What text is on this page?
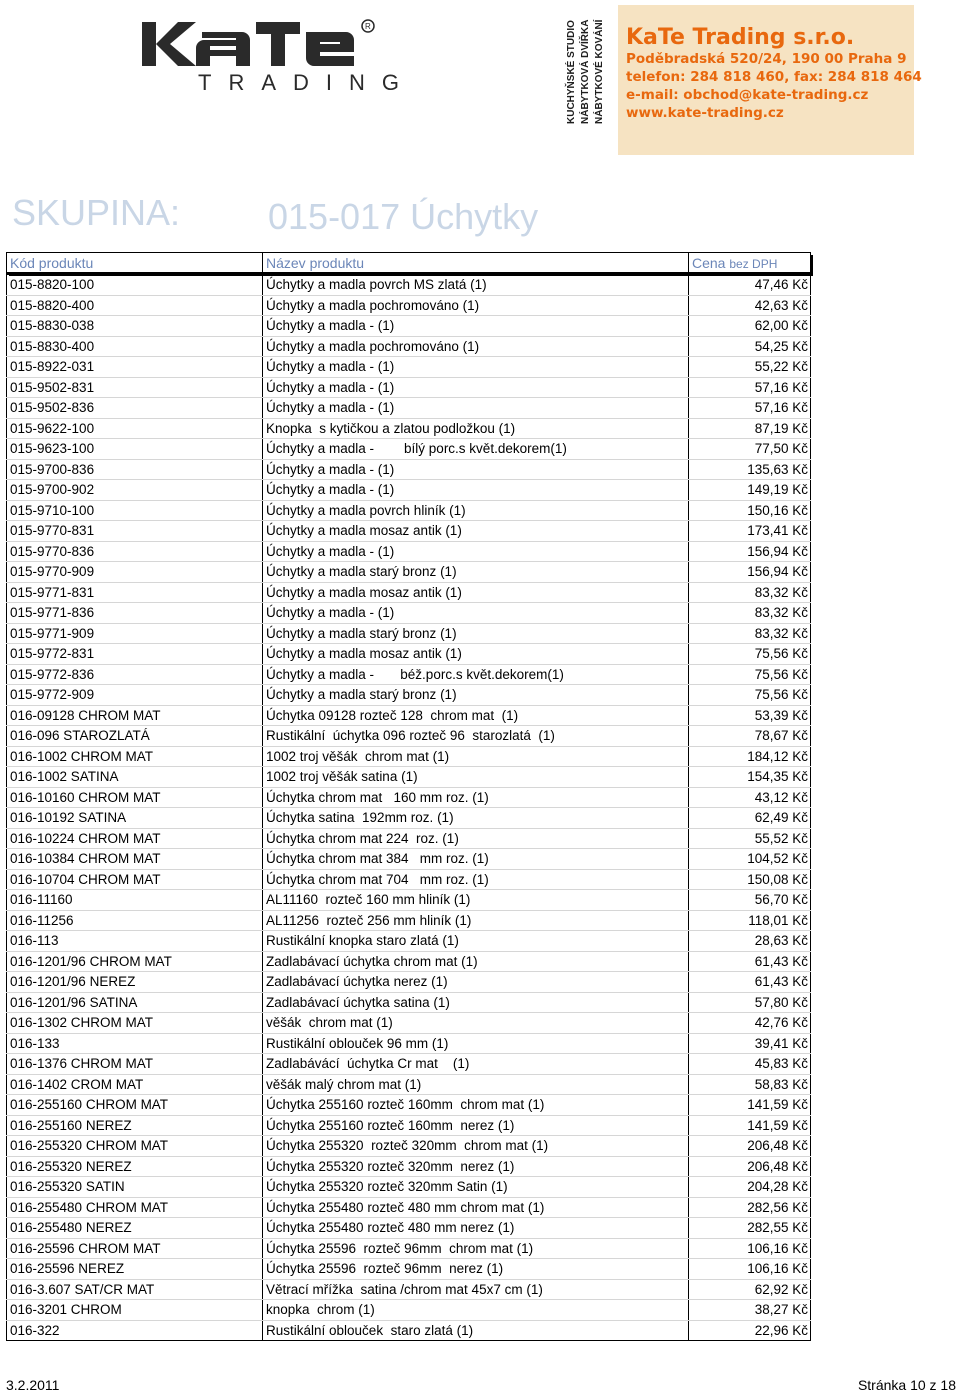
R
TRADING	KUCHYŇSKÉ STUDIO NÁBYTKOVÁ DVÍŘKA NÁBYTKOVÉ KOVÁNÍ KaTe Trading s.r.o.
Poděbradská 520/24, 190 00 Praha 9
telefon: 284 818 460, fax: 284 818 464
e-mail: obchod@kate-trading.cz
www.kate-trading.cz
SKUPINA: 015-017 Úchytky
Kód produktu	Název produktu	Cena bez DPH
015-8820-100	Úchytky a madla povrch MS zlatá (1)	47,46 Kč
015-8820-400	Úchytky a madla pochromováno (1)	42,63 Kč
015-8830-038	Úchytky a madla - (1)	62,00 Kč
015-8830-400	Úchytky a madla pochromováno (1)	54,25 Kč
015-8922-031	Úchytky a madla - (1)	55,22 Kč
015-9502-831	Úchytky a madla - (1)	57,16 Kč
015-9502-836	Úchytky a madla - (1)	57,16 Kč
015-9622-100	Knopka  s kytičkou a zlatou podložkou (1)	87,19 Kč
015-9623-100	Úchytky a madla -        bílý porc.s květ.dekorem(1)	77,50 Kč
015-9700-836	Úchytky a madla - (1)	135,63 Kč
015-9700-902	Úchytky a madla - (1)	149,19 Kč
015-9710-100	Úchytky a madla povrch hliník (1)	150,16 Kč
015-9770-831	Úchytky a madla mosaz antik (1)	173,41 Kč
015-9770-836	Úchytky a madla - (1)	156,94 Kč
015-9770-909	Úchytky a madla starý bronz (1)	156,94 Kč
015-9771-831	Úchytky a madla mosaz antik (1)	83,32 Kč
015-9771-836	Úchytky a madla - (1)	83,32 Kč
015-9771-909	Úchytky a madla starý bronz (1)	83,32 Kč
015-9772-831	Úchytky a madla mosaz antik (1)	75,56 Kč
015-9772-836	Úchytky a madla -       béž.porc.s květ.dekorem(1)	75,56 Kč
015-9772-909	Úchytky a madla starý bronz (1)	75,56 Kč
016-09128 CHROM MAT	Úchytka 09128 rozteč 128  chrom mat  (1)	53,39 Kč
016-096 STAROZLATÁ	Rustikální  úchytka 096 rozteč 96  starozlatá  (1)	78,67 Kč
016-1002 CHROM MAT	1002 troj věšák  chrom mat (1)	184,12 Kč
016-1002 SATINA	1002 troj věšák satina (1)	154,35 Kč
016-10160 CHROM MAT	Úchytka chrom mat   160 mm roz. (1)	43,12 Kč
016-10192 SATINA	Úchytka satina  192mm roz. (1)	62,49 Kč
016-10224 CHROM MAT	Úchytka chrom mat 224  roz. (1)	55,52 Kč
016-10384 CHROM MAT	Úchytka chrom mat 384   mm roz. (1)	104,52 Kč
016-10704 CHROM MAT	Úchytka chrom mat 704   mm roz. (1)	150,08 Kč
016-11160	AL11160  rozteč 160 mm hliník (1)	56,70 Kč
016-11256	AL11256  rozteč 256 mm hliník (1)	118,01 Kč
016-113	Rustikální knopka staro zlatá (1)	28,63 Kč
016-1201/96 CHROM MAT	Zadlabávací úchytka chrom mat (1)	61,43 Kč
016-1201/96 NEREZ	Zadlabávací úchytka nerez (1)	61,43 Kč
016-1201/96 SATINA	Zadlabávací úchytka satina (1)	57,80 Kč
016-1302 CHROM MAT	věšák  chrom mat (1)	42,76 Kč
016-133	Rustikální oblouček 96 mm (1)	39,41 Kč
016-1376 CHROM MAT	Zadlabávácí  úchytka Cr mat    (1)	45,83 Kč
016-1402 CROM MAT	věšák malý chrom mat (1)	58,83 Kč
016-255160 CHROM MAT	Úchytka 255160 rozteč 160mm  chrom mat (1)	141,59 Kč
016-255160 NEREZ	Úchytka 255160 rozteč 160mm  nerez (1)	141,59 Kč
016-255320 CHROM MAT	Úchytka 255320  rozteč 320mm  chrom mat (1)	206,48 Kč
016-255320 NEREZ	Úchytka 255320 rozteč 320mm  nerez (1)	206,48 Kč
016-255320 SATIN	Úchytka 255320 rozteč 320mm Satin (1)	204,28 Kč
016-255480 CHROM MAT	Úchytka 255480 rozteč 480 mm chrom mat (1)	282,56 Kč
016-255480 NEREZ	Úchytka 255480 rozteč 480 mm nerez (1)	282,55 Kč
016-25596 CHROM MAT	Úchytka 25596  rozteč 96mm  chrom mat (1)	106,16 Kč
016-25596 NEREZ	Úchytka 25596  rozteč 96mm  nerez (1)	106,16 Kč
016-3.607 SAT/CR MAT	Větrací mřížka  satina /chrom mat 45x7 cm (1)	62,92 Kč
016-3201 CHROM	knopka  chrom (1)	38,27 Kč
016-322	Rustikální oblouček  staro zlatá (1)	22,96 Kč
3.2.2011	Stránka 10 z 18
